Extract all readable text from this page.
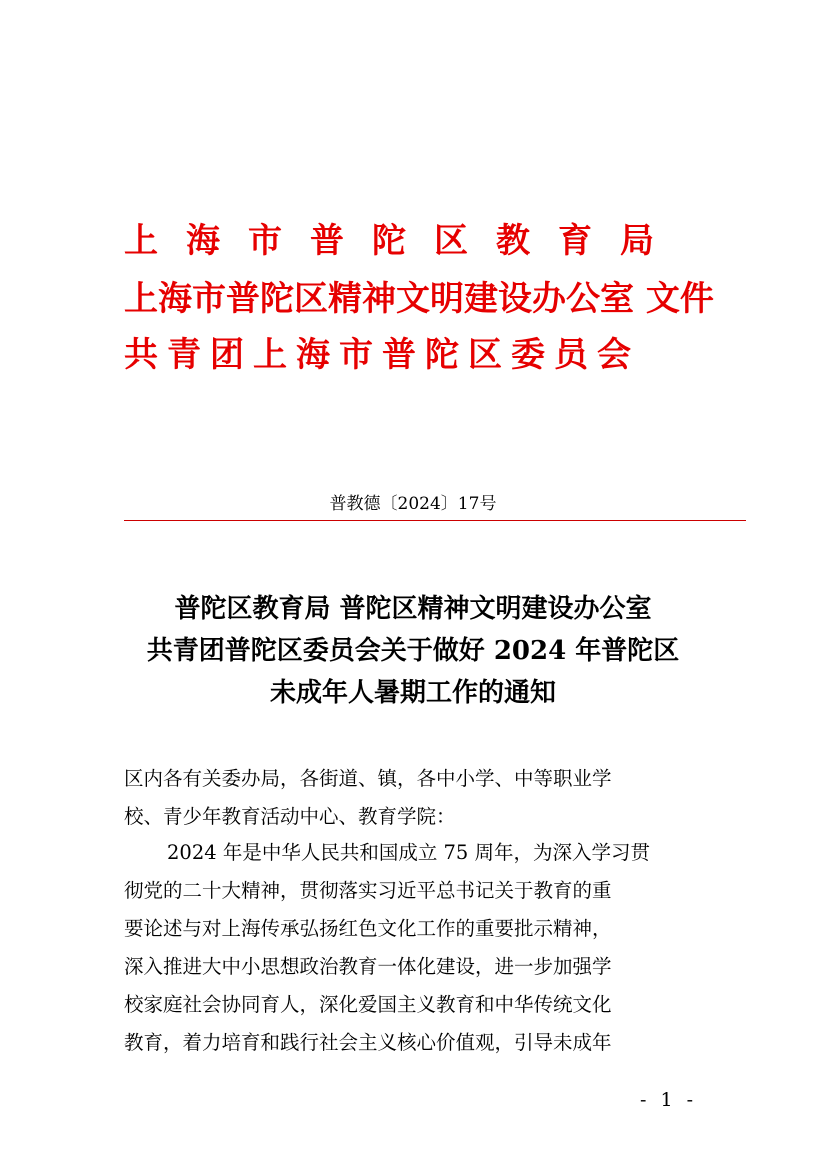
上海市普陀区教育局
上海市普陀区精神文明建设办公室 文件
共青团上海市普陀区委员会
普教德〔2024〕17号
普陀区教育局 普陀区精神文明建设办公室
共青团普陀区委员会关于做好 2024 年普陀区
未成年人暑期工作的通知
区内各有关委办局，各街道、镇，各中小学、中等职业学
校、青少年教育活动中心、教育学院：
2024 年是中华人民共和国成立 75 周年，为深入学习贯
彻党的二十大精神，贯彻落实习近平总书记关于教育的重
要论述与对上海传承弘扬红色文化工作的重要批示精神，
深入推进大中小思想政治教育一体化建设，进一步加强学
校家庭社会协同育人，深化爱国主义教育和中华传统文化
教育，着力培育和践行社会主义核心价值观，引导未成年
- 1 -
